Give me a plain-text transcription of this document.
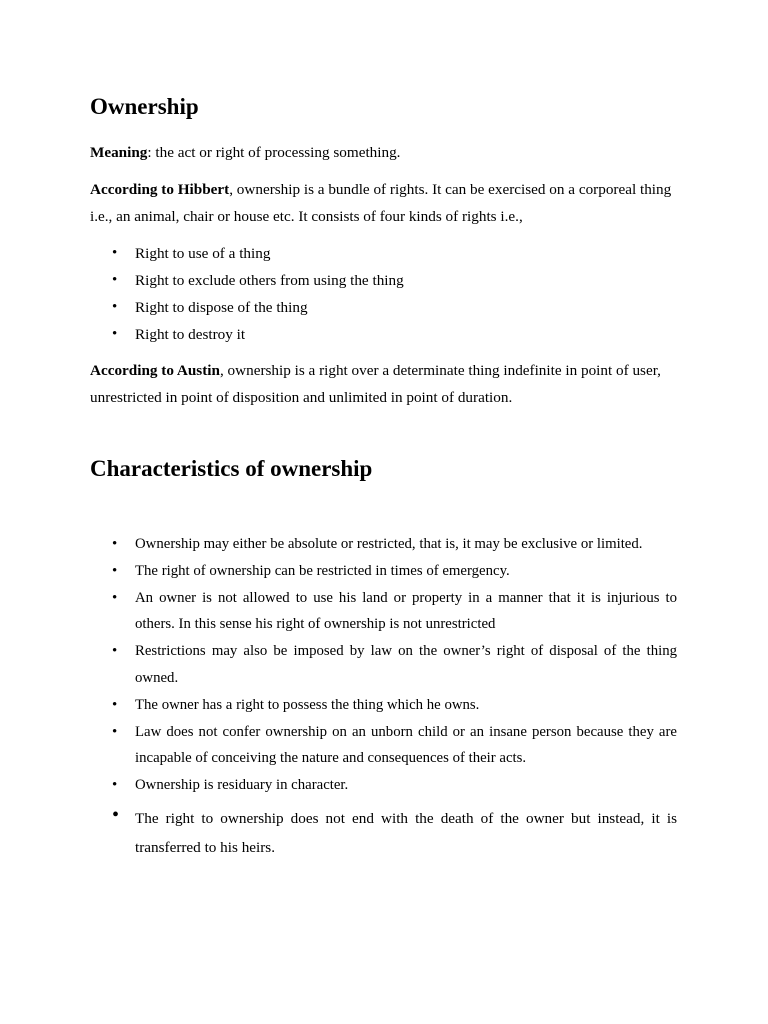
Ownership

Meaning: the act or right of processing something.

According to Hibbert, ownership is a bundle of rights. It can be exercised on a corporeal thing i.e., an animal, chair or house etc. It consists of four kinds of rights i.e.,

• Right to use of a thing
• Right to exclude others from using the thing
• Right to dispose of the thing
• Right to destroy it

According to Austin, ownership is a right over a determinate thing indefinite in point of user, unrestricted in point of disposition and unlimited in point of duration.

Characteristics of ownership
• Ownership may either be absolute or restricted, that is, it may be exclusive or limited.
• The right of ownership can be restricted in times of emergency.
• An owner is not allowed to use his land or property in a manner that it is injurious to others. In this sense his right of ownership is not unrestricted
• Restrictions may also be imposed by law on the owner’s right of disposal of the thing owned.
• The owner has a right to possess the thing which he owns.
• Law does not confer ownership on an unborn child or an insane person because they are incapable of conceiving the nature and consequences of their acts.
• Ownership is residuary in character.
• The right to ownership does not end with the death of the owner but instead, it is transferred to his heirs.
